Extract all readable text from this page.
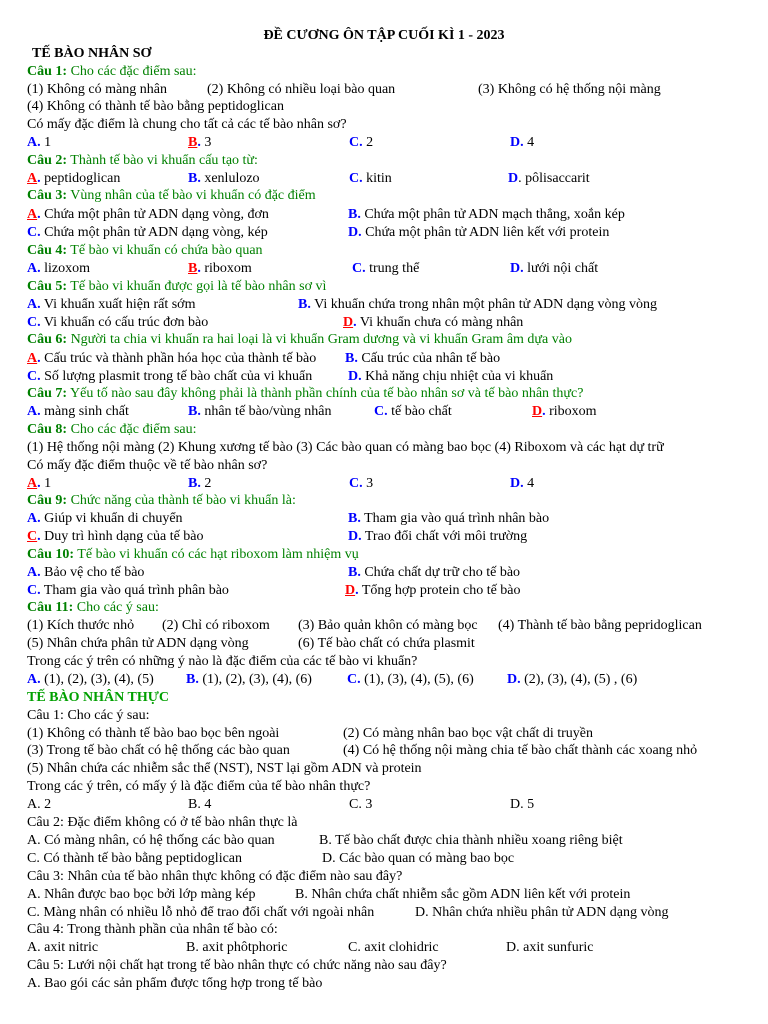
ĐỀ CƯƠNG ÔN TẬP CUỐI KÌ 1 - 2023
TẾ BÀO NHÂN SƠ
Câu 1: Cho các đặc điểm sau:
(1) Không có màng nhân	(2) Không có nhiều loại bào quan	(3) Không có hệ thống nội màng
(4) Không có thành tế bào bằng peptidoglican
Có mấy đặc điểm là chung cho tất cả các tế bào nhân sơ?
A. 1	B. 3	C. 2	D. 4
Câu 2: Thành tế bào vi khuẩn cấu tạo từ:
A. peptidoglican	B. xenlulozo	C. kitin	D. pôlisaccarit
Câu 3: Vùng nhân của tế bào vi khuẩn có đặc điểm
A. Chứa một phân tử ADN dạng vòng, đơn	B. Chứa một phân tử ADN mạch thẳng, xoắn kép
C. Chứa một phân tử ADN dạng vòng, kép	D. Chứa một phân tử ADN liên kết với protein
Câu 4: Tế bào vi khuẩn có chứa bào quan
A. lizoxom	B. riboxom	C. trung thể	D. lưới nội chất
Câu 5: Tế bào vi khuẩn được gọi là tế bào nhân sơ vì
A. Vi khuẩn xuất hiện rất sớm	B. Vi khuẩn chứa trong nhân một phân tử ADN dạng vòng vòng
C. Vi khuẩn có cấu trúc đơn bào	D. Vi khuẩn chưa có màng nhân
Câu 6: Người ta chia vi khuẩn ra hai loại là vi khuẩn Gram dương và vi khuẩn Gram âm dựa vào
A. Cấu trúc và thành phần hóa học của thành tế bào B. Cấu trúc của nhân tế bào
C. Số lượng plasmit trong tế bào chất của vi khuẩn	D. Khả năng chịu nhiệt của vi khuẩn
Câu 7: Yếu tố nào sau đây không phải là thành phần chính của tế bào nhân sơ và tế bào nhân thực?
A. màng sinh chất	B. nhân tế bào/vùng nhân	C. tế bào chất	D. riboxom
Câu 8: Cho các đặc điểm sau:
(1) Hệ thống nội màng (2) Khung xương tế bào (3) Các bào quan có màng bao bọc (4) Riboxom và các hạt dự trữ
Có mấy đặc điểm thuộc về tế bào nhân sơ?
A. 1	B. 2	C. 3	D. 4
Câu 9: Chức năng của thành tế bào vi khuẩn là:
A. Giúp vi khuẩn di chuyển	B. Tham gia vào quá trình nhân bào
C. Duy trì hình dạng của tế bào	D. Trao đổi chất với môi trường
Câu 10: Tế bào vi khuẩn có các hạt riboxom làm nhiệm vụ
A. Bảo vệ cho tế bào	B. Chứa chất dự trữ cho tế bào
C. Tham gia vào quá trình phân bào	D. Tổng hợp protein cho tế bào
Câu 11: Cho các ý sau:
(1) Kích thước nhỏ (2) Chỉ có riboxom (3) Bảo quản khôn có màng bọc (4) Thành tế bào bằng pepridoglican
(5) Nhân chứa phân tử ADN dạng vòng	(6) Tế bào chất có chứa plasmit
Trong các ý trên có những ý nào là đặc điểm của các tế bào vi khuẩn?
A. (1), (2), (3), (4), (5) B. (1), (2), (3), (4), (6)	C. (1), (3), (4), (5), (6) D. (2), (3), (4), (5) , (6)
TẾ BÀO NHÂN THỰC
Câu 1: Cho các ý sau:
(1) Không có thành tế bào bao bọc bên ngoài	(2) Có màng nhân bao bọc vật chất di truyền
(3) Trong tế bào chất có hệ thống các bào quan	(4) Có hệ thống nội màng chia tế bào chất thành các xoang nhỏ
(5) Nhân chứa các nhiễm sắc thể (NST), NST lại gồm ADN và protein
Trong các ý trên, có mấy ý là đặc điểm của tế bào nhân thực?
A. 2	B. 4	C. 3	D. 5
Câu 2: Đặc điểm không có ở tế bào nhân thực là
A. Có màng nhân, có hệ thống các bào quan	B. Tế bào chất được chia thành nhiều xoang riêng biệt
C. Có thành tế bào bằng peptidoglican	D. Các bào quan có màng bao bọc
Câu 3: Nhân của tế bào nhân thực không có đặc điểm nào sau đây?
A. Nhân được bao bọc bởi lớp màng kép	B. Nhân chứa chất nhiễm sắc gồm ADN liên kết với protein
C. Màng nhân có nhiều lỗ nhỏ để trao đổi chất với ngoài nhân	D. Nhân chứa nhiều phân tử ADN dạng vòng
Câu 4: Trong thành phần của nhân tế bào có:
A. axit nitric	B. axit phôtphoric	C. axit clohidric	D. axit sunfuric
Câu 5: Lưới nội chất hạt trong tế bào nhân thực có chức năng nào sau đây?
A. Bao gói các sản phẩm được tổng hợp trong tế bào
